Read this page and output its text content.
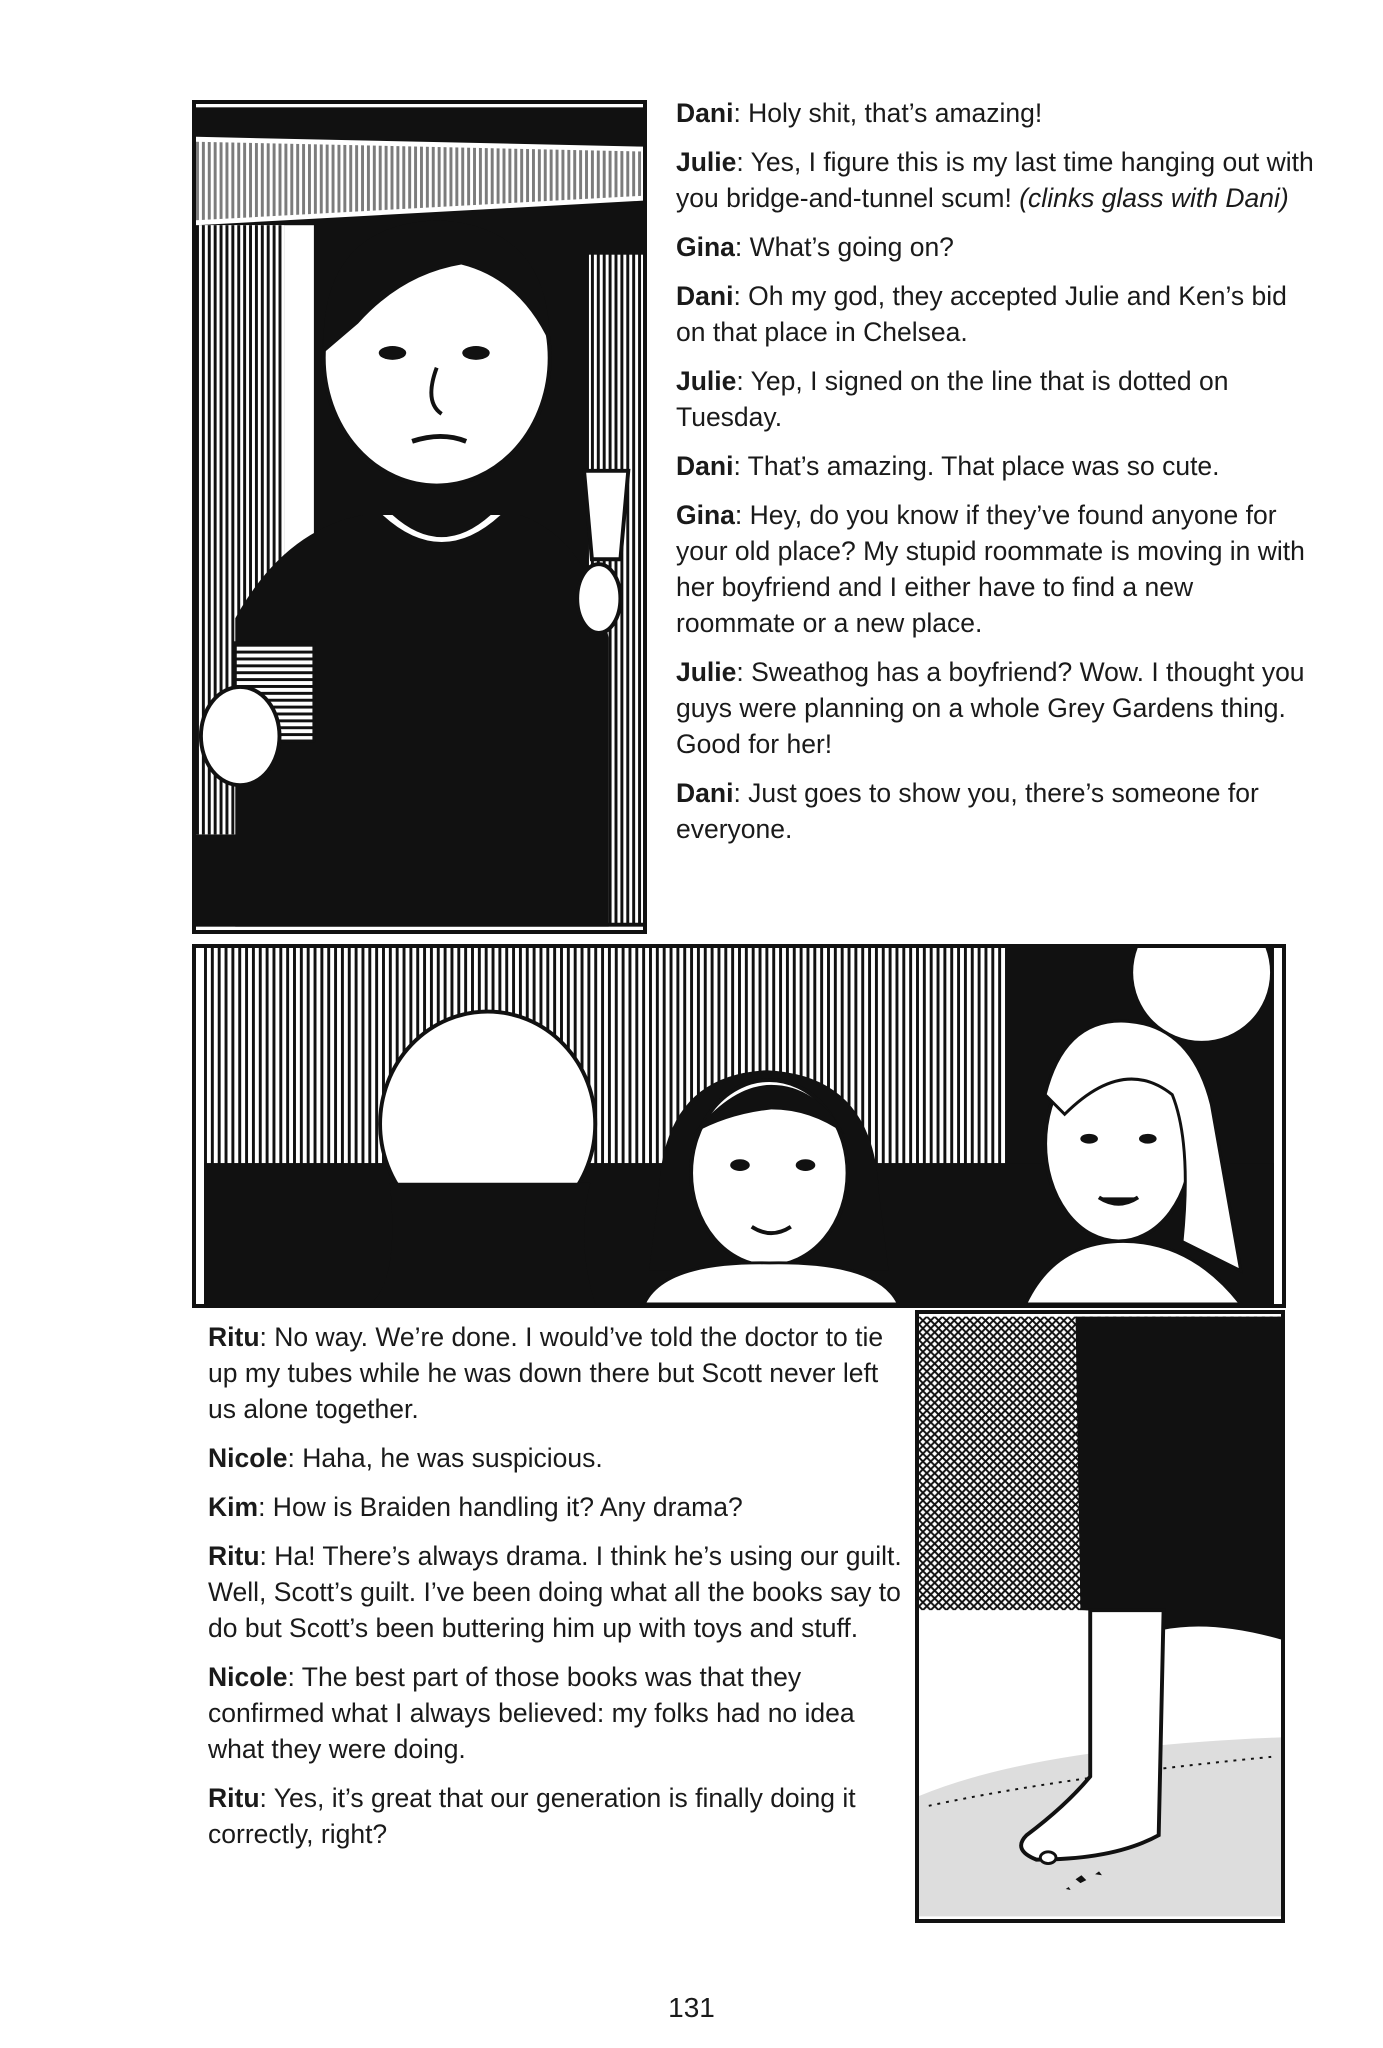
Dani: Holy shit, that’s amazing!

Julie: Yes, I figure this is my last time hanging out with you bridge-and-tunnel scum! (clinks glass with Dani)

Gina: What’s going on?

Dani: Oh my god, they accepted Julie and Ken’s bid on that place in Chelsea.

Julie: Yep, I signed on the line that is dotted on Tuesday.

Dani: That’s amazing. That place was so cute.

Gina: Hey, do you know if they’ve found anyone for your old place? My stupid roommate is moving in with her boyfriend and I either have to find a new roommate or a new place.

Julie: Sweathog has a boyfriend? Wow. I thought you guys were planning on a whole Grey Gardens thing. Good for her!

Dani: Just goes to show you, there’s someone for everyone.

Ritu: No way. We’re done. I would’ve told the doctor to tie up my tubes while he was down there but Scott never left us alone together.

Nicole: Haha, he was suspicious.

Kim: How is Braiden handling it? Any drama?

Ritu: Ha! There’s always drama. I think he’s using our guilt. Well, Scott’s guilt. I’ve been doing what all the books say to do but Scott’s been buttering him up with toys and stuff.

Nicole: The best part of those books was that they confirmed what I always believed: my folks had no idea what they were doing.

Ritu: Yes, it’s great that our generation is finally doing it correctly, right?

131
